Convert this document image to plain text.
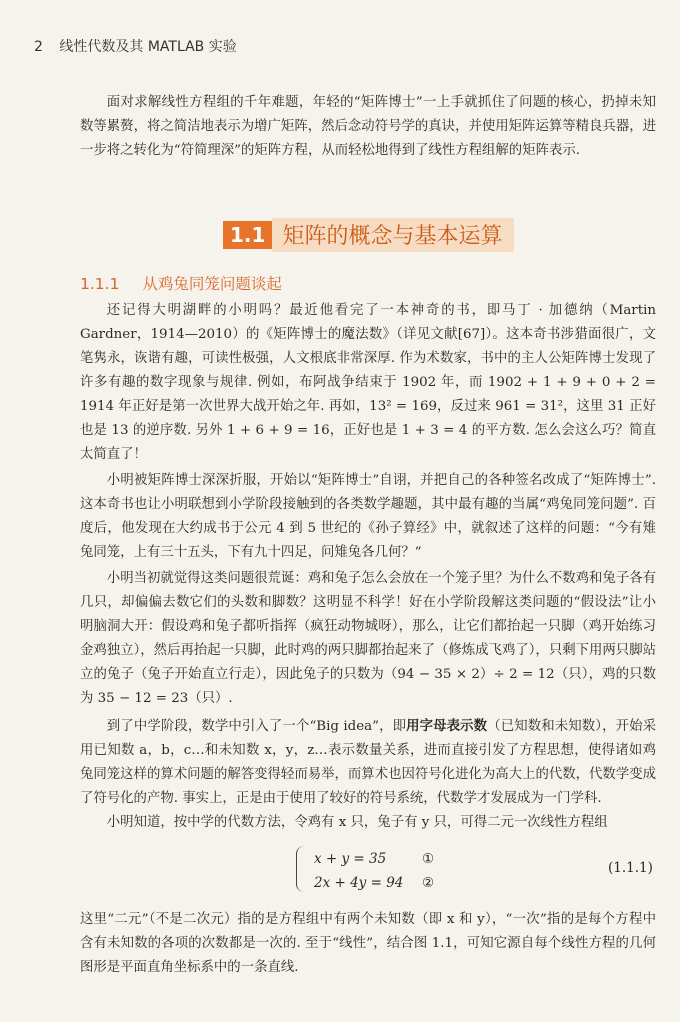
2 线性代数及其 MATLAB 实验

面对求解线性方程组的千年难题，年轻的“矩阵博士”一上手就抓住了问题的核心，扔掉未知数等累赘，将之简洁地表示为增广矩阵，然后念动符号学的真诀，并使用矩阵运算等精良兵器，进一步将之转化为“符简理深”的矩阵方程，从而轻松地得到了线性方程组解的矩阵表示.

1.1 矩阵的概念与基本运算
1.1.1 从鸡兔同笼问题谈起

还记得大明湖畔的小明吗？最近他看完了一本神奇的书，即马丁 · 加德纳（Martin Gardner，1914—2010）的《矩阵博士的魔法数》（详见文献[67]）。这本奇书涉猎面很广，文笔隽永，诙谐有趣，可读性极强，人文根底非常深厚. 作为术数家，书中的主人公矩阵博士发现了许多有趣的数字现象与规律. 例如，布阿战争结束于 1902 年，而 1902 + 1 + 9 + 0 + 2 = 1914 年正好是第一次世界大战开始之年. 再如，13² = 169，反过来 961 = 31²，这里 31 正好也是 13 的逆序数. 另外 1 + 6 + 9 = 16，正好也是 1 + 3 = 4 的平方数. 怎么会这么巧？简直太简直了！

小明被矩阵博士深深折服，开始以“矩阵博士”自诩，并把自己的各种签名改成了“矩阵博士”. 这本奇书也让小明联想到小学阶段接触到的各类数学趣题，其中最有趣的当属“鸡兔同笼问题”. 百度后，他发现在大约成书于公元 4 到 5 世纪的《孙子算经》中，就叙述了这样的问题：“今有雉兔同笼，上有三十五头，下有九十四足，问雉兔各几何？”

小明当初就觉得这类问题很荒诞：鸡和兔子怎么会放在一个笼子里？为什么不数鸡和兔子各有几只，却偏偏去数它们的头数和脚数？这明显不科学！好在小学阶段解这类问题的“假设法”让小明脑洞大开：假设鸡和兔子都听指挥（疯狂动物城呀），那么，让它们都抬起一只脚（鸡开始练习金鸡独立），然后再抬起一只脚，此时鸡的两只脚都抬起来了（修炼成飞鸡了），只剩下用两只脚站立的兔子（兔子开始直立行走），因此兔子的只数为（94 − 35 × 2）÷ 2 = 12（只），鸡的只数为 35 − 12 = 23（只）.

到了中学阶段，数学中引入了一个“Big idea”，即用字母表示数（已知数和未知数），开始采用已知数 a，b，c…和未知数 x，y，z…表示数量关系，进而直接引发了方程思想，使得诸如鸡兔同笼这样的算术问题的解答变得轻而易举，而算术也因符号化进化为高大上的代数，代数学变成了符号化的产物. 事实上，正是由于使用了较好的符号系统，代数学才发展成为一门学科.

小明知道，按中学的代数方法，令鸡有 x 只，兔子有 y 只，可得二元一次线性方程组

x + y = 35	①
2x + 4y = 94	②
(1.1.1)

这里“二元”（不是二次元）指的是方程组中有两个未知数（即 x 和 y），“一次”指的是每个方程中含有未知数的各项的次数都是一次的. 至于“线性”，结合图 1.1，可知它源自每个线性方程的几何图形是平面直角坐标系中的一条直线.
